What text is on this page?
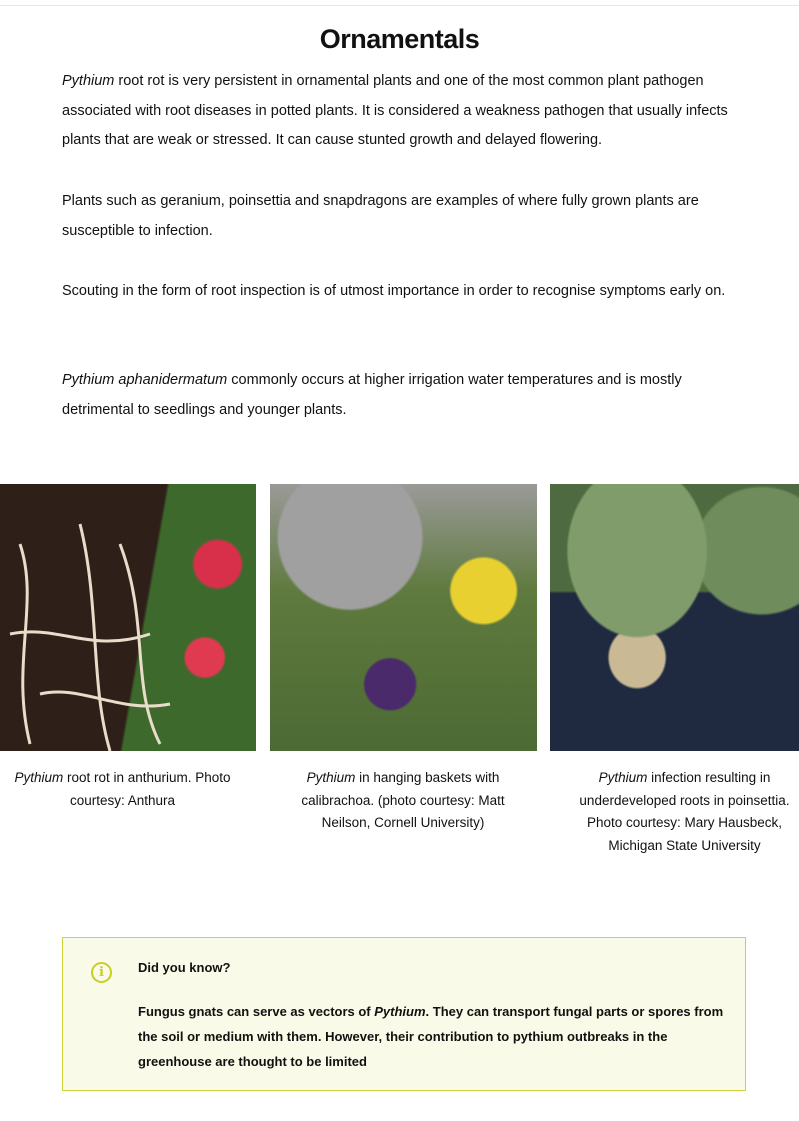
Ornamentals

Pythium root rot is very persistent in ornamental plants and one of the most common plant pathogen associated with root diseases in potted plants. It is considered a weakness pathogen that usually infects plants that are weak or stressed. It can cause stunted growth and delayed flowering.

Plants such as geranium, poinsettia and snapdragons are examples of where fully grown plants are susceptible to infection.

Scouting in the form of root inspection is of utmost importance in order to recognise symptoms early on.

Pythium aphanidermatum commonly occurs at higher irrigation water temperatures and is mostly detrimental to seedlings and younger plants.

Pythium root rot in anthurium. Photo courtesy: Anthura
Pythium in hanging baskets with calibrachoa. (photo courtesy: Matt Neilson, Cornell University)
Pythium infection resulting in underdeveloped roots in poinsettia. Photo courtesy: Mary Hausbeck, Michigan State University
i	Did you know?
Fungus gnats can serve as vectors of Pythium. They can transport fungal parts or spores from the soil or medium with them. However, their contribution to pythium outbreaks in the greenhouse are thought to be limited
